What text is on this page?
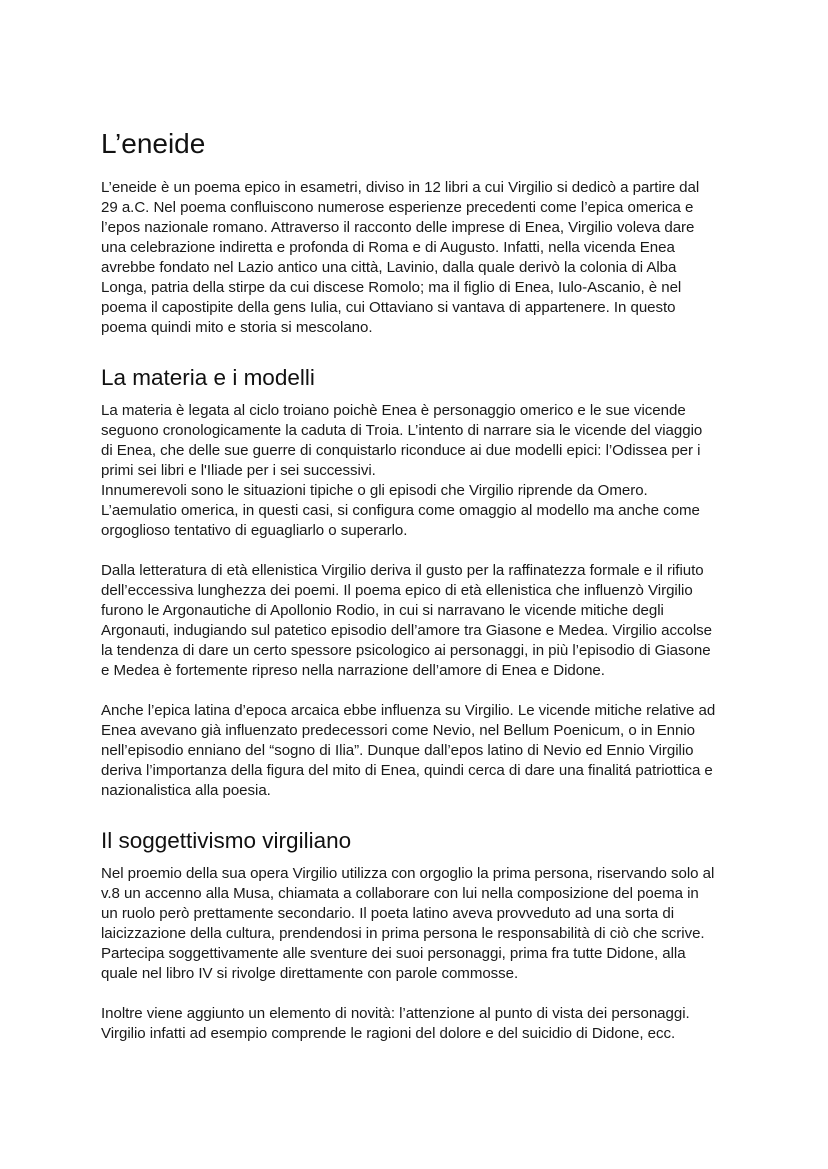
L’eneide

L’eneide è un poema epico in esametri, diviso in 12 libri a cui Virgilio si dedicò a partire dal
29 a.C. Nel poema confluiscono numerose esperienze precedenti come l’epica omerica e
l’epos nazionale romano. Attraverso il racconto delle imprese di Enea, Virgilio voleva dare
una celebrazione indiretta e profonda di Roma e di Augusto. Infatti, nella vicenda Enea
avrebbe fondato nel Lazio antico una città, Lavinio, dalla quale derivò la colonia di Alba
Longa, patria della stirpe da cui discese Romolo; ma il figlio di Enea, Iulo-Ascanio, è nel
poema il capostipite della gens Iulia, cui Ottaviano si vantava di appartenere. In questo
poema quindi mito e storia si mescolano.

La materia e i modelli

La materia è legata al ciclo troiano poichè Enea è personaggio omerico e le sue vicende
seguono cronologicamente la caduta di Troia. L’intento di narrare sia le vicende del viaggio
di Enea, che delle sue guerre di conquistarlo riconduce ai due modelli epici: l’Odissea per i
primi sei libri e l'Iliade per i sei successivi.
Innumerevoli sono le situazioni tipiche o gli episodi che Virgilio riprende da Omero.
L’aemulatio omerica, in questi casi, si configura come omaggio al modello ma anche come
orgoglioso tentativo di eguagliarlo o superarlo.

Dalla letteratura di età ellenistica Virgilio deriva il gusto per la raffinatezza formale e il rifiuto
dell’eccessiva lunghezza dei poemi. Il poema epico di età ellenistica che influenzò Virgilio
furono le Argonautiche di Apollonio Rodio, in cui si narravano le vicende mitiche degli
Argonauti, indugiando sul patetico episodio dell’amore tra Giasone e Medea. Virgilio accolse
la tendenza di dare un certo spessore psicologico ai personaggi, in più l’episodio di Giasone
e Medea è fortemente ripreso nella narrazione dell’amore di Enea e Didone.

Anche l’epica latina d’epoca arcaica ebbe influenza su Virgilio. Le vicende mitiche relative ad
Enea avevano già influenzato predecessori come Nevio, nel Bellum Poenicum, o in Ennio
nell’episodio enniano del “sogno di Ilia”. Dunque dall’epos latino di Nevio ed Ennio Virgilio
deriva l’importanza della figura del mito di Enea, quindi cerca di dare una finalitá patriottica e
nazionalistica alla poesia.

Il soggettivismo virgiliano

Nel proemio della sua opera Virgilio utilizza con orgoglio la prima persona, riservando solo al
v.8 un accenno alla Musa, chiamata a collaborare con lui nella composizione del poema in
un ruolo però prettamente secondario. Il poeta latino aveva provveduto ad una sorta di
laicizzazione della cultura, prendendosi in prima persona le responsabilità di ciò che scrive.
Partecipa soggettivamente alle sventure dei suoi personaggi, prima fra tutte Didone, alla
quale nel libro IV si rivolge direttamente con parole commosse.

Inoltre viene aggiunto un elemento di novità: l’attenzione al punto di vista dei personaggi.
Virgilio infatti ad esempio comprende le ragioni del dolore e del suicidio di Didone, ecc.
